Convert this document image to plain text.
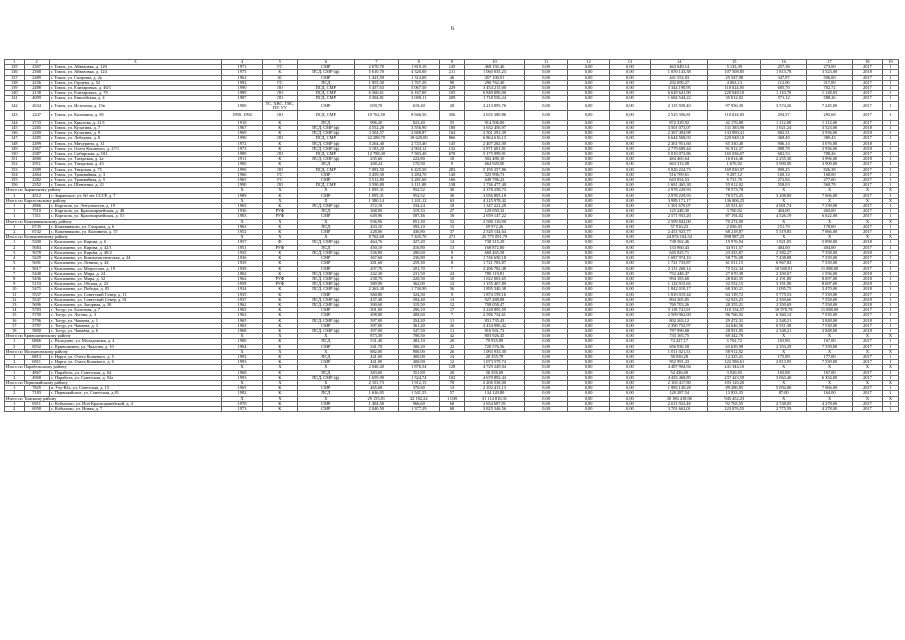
6
1	2	3	4	5	6	7	8	9	10	11	12	13	14	15	16	17	18	19
135	2367	г. Томск, ул. Айвазовка, д. 120	1971	ГС	СМР	2 670,70	1 819,10	145	468 192,46	0,00	0,00	0,00	463 049,14	5 143,39	257,38	273,00	2017	1
136	2368	г. Томск, ул. Айвазовка, д. 124	1975	К	ПСД, СМР (ф)	5 610,70	4 320,00	211	1 060 035,23	0,00	0,00	0,00	1 059 143,38	107 508,85	1 813,78	3 523,00	2018	1
137	2489	г. Томск, ул. Гагарина, д. 2а	1961	ЗС	СМР	1 423,59	1 314,00	46	457 100,01	0,00	0,00	0,00	441 552,03	25 547,98	347,87	596,00	2017	1
138	2236	г. Томск, ул. Герцена, д. 52	1992	ГС	ПСД	1 955,30	1 767,20	90	296 762,40	0,00	0,00	0,00	292 699,27	4 063,13	112,00	317,00	2017	1
139	2488	г. Томск, ул. Елизаровых, д. 46/1	1990	ЛО	ПСД, СМР	5 457,63	5 067,50	229	3 454 215,00	0,00	0,00	0,00	3 344 190,95	110 024,05	685,70	702,72	2017	1
140	2138	г. Томск, ул. Елизаровых, д. 70	1989	ЛО	ПСД, СМР	6 360,61	6 167,00	105	6 849 090,00	0,00	0,00	0,00	6 629 641,90	220 048,10	1 110,70	1 148,03	2017	1
141	4009	г. Томск, ул. Енисейская, д. 4	1987	ЛО	ПСД, СМР	3 304,81	3 009,11	209	1 718 556,24	0,00	0,00	0,00	1 684 544,22	35 012,02	571,12	588,26	2017	1
142	2634	г. Томск, ул. Источная, д. 15в	1900	ТС, ХВС, ГВС, ПУ, УУ	СМР	659,70	619,40	20	2 213 895,76	0,00	0,00	0,00	2 115 939,40	97 956,39	3 574,26	7 245,00	2017	1
143	2247	г. Томск, ул. Калинина, д. 58	1990, 1992	ЛО	ПСД, СМР	10 762,50	8 946,50	356	2 635 380,86	0,00	0,00	0,00	2 525 356,81	110 024,05	294,57	295,68	2017	1
144	2733	г. Томск, ул. Крылова, д. 21/1	1910	К	ПСД	906,20	822,40	55	914 506,80	0,00	0,00	0,00	872 329,92	42 176,88	1 112,00	1 112,00	2017	1
145	2265	г. Томск, ул. Кулагина, д. 7	1967	К	ПСД, СМР (ф)	4 552,20	3 556,90	180	3 632 456,97	0,00	0,00	0,00	3 501 073,07	131 383,90	1 021,24	3 523,00	2018	1
146	2269	г. Томск, ул. Кулагина, д. 9	1969	К	ПСД, СМР (ф)	3 504,57	2 688,87	164	2 501 291,39	0,00	0,00	0,00	2 367 494,98	133 890,41	682,31	2 936,00	2018	1
147	2285	г. Томск, ул. Лебедева, д. 8	1990	ЛО	ПСД, СМР	22 288,70	18 629,00	866	6 864 616,13	0,00	0,00	0,00	6 644 568,03	220 048,10	368,49	380,43	2017	1
148	2499	г. Томск, ул. Мичурина, д. 31	1972	К	ПСД, СМР (ф)	3 264,40	2 723,40	145	2 407 282,00	0,00	0,00	0,00	2 361 951,60	65 330,40	906,14	3 076,00	2018	1
149	2367	г. Томск, ул. Олега Кошевого, д. 27/1	1973	К	ПСД, СМР (ф)	3 183,20	2 904,12	132	2 871 601,81	0,00	0,00	0,00	2 779 689,44	91 912,37	988,78	2 936,00	2018	1
150	2387	г. Томск, ул. Сибирская, д. 102	1989	ЛО	ПСД, СМР	12 798,30	7 583,40	678	5 175 999,91	0,00	0,00	0,00	5 010 072,86	165 036,07	682,53	708,26	2017	1
151	2880	г. Томск, ул. Татарская, д. 2а	1911	К	ПСД, СМР (ф)	235,60	222,80	18	502 480,10	0,00	0,00	0,00	484 465,64	16 014,46	2 255,30	3 996,00	2018	1
152	2911	г. Томск, ул. Татарская, д. 43	1900	К	ПСД	268,24	170,50	9	664 920,00	0,00	0,00	0,00	663 313,08	1 676,92	3 900,00	3 900,00	2017	1
153	2399	г. Томск, ул. Тверская, д. 75	1990	ЛО	ПСД, СМР	7 083,50	6 425,50	283	5 195 257,86	0,00	0,00	0,00	5 026 224,73	169 030,07	809,25	826,38	2017	1
154	2464	г. Томск, ул. Трамвайная, д. 3	1966	ГС	СМР	3 459,30	3 284,70	140	525 996,73	0,00	0,00	0,00	516 709,61	9 287,12	160,14	168,00	2017	1
155	2382	г. Томск, ул. Трамвайная, д. 5	1965	ГС	СМР	3 512,80	3 281,60	166	649 786,23	0,00	0,00	0,00	643 054,53	6 731,70	272,84	277,00	2017	1
156	2352	г. Томск, ул. Шевченко, д. 21	1990	ЛО	ПСД, СМР	3 590,80	3 111,80	138	1 736 477,40	0,00	0,00	0,00	1 681 465,38	55 012,02	558,03	568,79	2017	1
Итого по Зырянскому району			Х	Х	Х	1 095,31	952,52	30	2 378 258,73	0,00	0,00	0,00	2 978 229,93	78 573,78	X	X	X	X
1	4512	с. Зырянское, ул. 60 лет СССР, д. 7	1989	К	СМР	1 095,31	952,52	30	3 056 803,18	0,00	0,00	0,00	2 978 229,93	78 573,25	3 208,80	7 066,00	2017	1
Итого по Каргасокскому району			Х	Х	Х	1 380,14	1 241,12	63	4 125 978,42	0,00	0,00	0,00	3 989 171,17	136 806,25	X	X	X	X
1	2866	с. Каргасок, ул. Энтузиастов, д. 19	1965	К	ПСД, СМР (ф)	372,18	334,24	18	1 347 221,28	0,00	0,00	0,00	1 301 670,07	45 551,61	4 001,74	7 539,00	2017	1
1	7310	с. Каргасок, ул. Красноармейская, д. 48	1936	РУФ	ПСД	368,00	319,33	27	129 050,32	0,00	0,00	0,00	125 248,30	3 760,02	404,00	404,00	2017	1
1	7311	с. Каргасок, ул. Красноармейская, д. 51	1983	РУФ	СМР	649,96	587,46	18	2 659 147,22	0,00	0,00	0,00	2 571 953,20	87 194,02	4 526,19	6 622,00	2017	1
Итого по Кожевниковскому району			Х	Х	Х	936,96	851,30	52	2 580 116,90	0,00	0,00	0,00	2 509 842,00	70 274,90	X	X	X	X
1	6735	с. Кожевниково, ул. Гагарина, д. 6	1963	К	ПСД	433,10	393,10	15	59 972,26	0,00	0,00	0,00	57 916,23	2 056,03	151,70	178,00	2017	1
2	6742	с. Кожевниково, ул. Калинина, д. 57	1952	К	СМР	228,86	436,80	37	2 520 144,64	0,00	0,00	0,00	2 451 925,77	68 218,87	5 519,85	7 066,00	2017	1
Итого по Колпашевскому району			Х	Х	Х	8 762,60	7 445,70	271	25 775 091,79	0,00	0,00	0,00	24 876 104,54	898 987,25	X	X	X	X
1	5300	г. Колпашево, ул. Кирова, д. 6	1957	Ф	ПСД, СМР (ф)	464,76	427,20	14	738 315,29	0,00	0,00	0,00	738 362,46	19 976,94	1 821,05	5 898,00	2018	1
2	5684	г. Колпашево, ул. Кирова, д. 42/1	1951	РУФ	ПСД	450,10	416,80	13	168 872,00	0,00	0,00	0,00	133 960,43	34 911,57	404,00	404,00	2017	1
3	5678	г. Колпашево, ул. Кирова, д. 46/2	1935	К	ПСД, СМР (ф)	336,80	280,60	9	668 465,58	0,00	0,00	0,00	645 025,71	23 433,87	2 382,27	7 558,00	2018	1
4	5429	г. Колпашево, ул. Коммунистическая, д. 24	1936	К	СМР	367,60	236,80	6	1 746 650,18	0,00	0,00	0,00	1 687 974,10	58 776,08	7 438,88	7 539,00	2017	1
5	5691	г. Колпашево, ул. Ленина, д. 44	1935	К	СМР	281,60	259,30	8	1 721 783,87	0,00	0,00	0,00	1 721 733,87	61 011,15	6 967,82	7 539,00	2017	1
6	5617	г. Колпашево, ул. Матросова, д. 19	1939	К	СМР	207,70	201,70	7	2 206 782,48	0,00	0,00	0,00	2 131 260,14	75 522,34	10 940,91	11 088,00	2017	1
7	5440	г. Колпашево, ул. Мира, д. 24	1962	К	ПСД, СМР (ф)	242,30	231,50	24	780 119,81	0,00	0,00	0,00	752 448,47	27 670,38	2 350,67	1 556,00	2018	1
8	5436	г. Колпашево, ул. Мира, д. 32	1962	РУФ	ПСД, СМР (ф)	238,70	220,50	10	1 022 003,65	0,00	0,00	0,00	994 183,60	28 820,35	2 191,80	8 697,00	2018	1
9	5153	г. Колпашево, ул. Обская, д. 23	1958	РУФ	ПСД, СМР (ф)	380,90	362,00	12	1 155 467,80	0,00	0,00	0,00	1 122 915,65	32 552,15	3 191,90	8 697,00	2018	1
10	5475	г. Колпашево, ул. Победы, д. 83	1934	К	ПСД, СМР (ф)	2 363,30	1 730,90	56	1 895 340,38	0,00	0,00	0,00	1 842 010,17	68 330,21	1 095,75	3 470,00	2018	1
11	5537	г. Колпашево, ул. Советский Север, д. 11	1935	К	СМР	360,80	324,50	9	1 874 159,16	0,00	0,00	0,00	1 810 019,44	64 139,72	5 775,53	7 539,00	2017	1
12	5547	г. Колпашево, ул. Советский Север, д. 61	1937	К	ПСД, СМР (ф)	437,40	394,40	13	927 288,88	0,00	0,00	0,00	894 365,85	32 923,23	2 350,66	7 558,00	2018	1
13	5696	г. Колпашево, ул. Загорная, д. 30	1962	К	ПСД, СМР (ф)	390,60	319,50	12	798 058,47	0,00	0,00	0,00	769 703,26	28 355,21	2 350,69	7 558,00	2018	1
14	5783	с. Тогур, ул. Болотная, д. 7	1965	К	СМР	301,00	296,10	17	3 228 895,59	0,00	0,00	0,00	3 118 741,01	110 154,57	10 978,78	11 088,00	2017	1
15	5750	с. Тогур, ул. Лугова, д. 3	1963	К	СМР	498,80	408,60	7	2 596 734,61	0,00	0,00	0,00	2 509 962,69	86 766,92	6 360,14	7 539,00	2017	1
16	5796	с. Тогур, ул. Чапаева, д. 1	1965	К	ПСД, СМР (ф)	397,00	354,20	11	831 735,43	0,00	0,00	0,00	802 263,12	29 472,31	2 348,21	3 848,00	2018	1
17	5797	с. Тогур, ул. Чапаева, д. 3	1965	К	СМР	397,00	361,20	26	2 434 996,42	0,00	0,00	0,00	2 390 752,97	44 646,56	6 551,58	7 539,00	2017	1
18	5800	с. Тогур, ул. Чапаева, д. 6	1968	К	ПСД, СМР (ф)	397,00	347,50	11	816 941,73	0,00	0,00	0,00	787 990,68	28 951,05	2 348,21	3 848,00	2018	1
Итого по Кривошеинскому району			Х	Х	Х	873,30	786,50	42	803 926,45	0,00	0,00	0,00	733 165,75	69 342,70	X	X	X	X
1	6866	с. Володино, ул. Молодежная, д. 4	1980	К	ПСД	531,40	482,10	20	79 925,89	0,00	0,00	0,00	74 227,17	5 702,72	165,80	167,00	2017	1
2	6932	с. Кривошеино, ул. Чкалова, д. 10	1964	К	СМР	341,70	306,20	22	720 576,56	0,00	0,00	0,00	656 936,58	63 639,98	2 353,29	7 539,00	2017	1
Итого по Молчановскому району			Х	Х	Х	882,00	800,00	26	1 093 933,30	0,00	0,00	0,00	1 011 021,51	58 912,02	X	X	X	X
1	6813	с. Нарга, ул. Олега Кошевого, д. 5	1993	К	ПСД	441,00	400,00	14	20 355,79	0,00	0,00	0,00	58 030,28	12 325,41	175,89	177,00	2017	1
2	6811	с. Нарга, ул. Олега Кошевого, д. 6	1993	К	СМР	441,00	400,00	12	1 073 579,74	0,00	0,00	0,00	952 991,23	122 586,61	2 813,95	7 539,00	2017	1
Итого по Парабельскому району			Х	Х	Х	2 040,20	1 876,54	128	4 729 249,04	0,00	0,00	0,00	4 487 904,94	241 344,10	X	X	X	X
1	4867	с. Парабель, ул. Советская, д. 64	1968	К	ПСД	383,60	351,80	26	56 356,69	0,00	0,00	0,00	54 436,69	3 920,03	165,88	167,00	2017	1
2	4968	с. Парабель, ул. Советская, д. 92а	1993	К	ПСД, СМР (ф)	1 659,90	1 524,74	102	4 670 892,44	0,00	0,00	0,00	4 433 468,85	237 423,59	3 063,40	6 354,00	2017	1
Итого по Первомайскому району			Х	Х	Х	2 101,73	1 912,15	70	2 206 538,00	0,00	0,00	0,00	2 103 417,80	103 120,20	X	X	X	X
1	7825	п. Улу-Юл, ул. Советская, д. 15	1965	К	СМР	465,68	370,60	13	2 102 413,13	0,00	0,00	0,00	1 983 130,28	89 286,85	5 092,86	7 066,00	2017	1
2	7183	с. Первомайское, ул. Советская, д.81	1982	К	ПСД	1 636,05	1 541,55	57	134 120,80	0,00	0,00	0,00	120 287,54	13 833,35	87,00	164,00	2017	1
Итого по Томскому району			Х	Х	Х	29 155,81	22 182,24	1 049	31 114 816,31	0,00	0,00	0,00	30 186 418,06	945 452,23	X	X	X	X
1	6911	с. Кобылово, ул. Ион Красноармейской, д. 4	1970	К	СМР	1 404,50	966,60	60	2 654 687,91	0,00	0,00	0,00	2 611 922,46	92 765,55	2 748,05	4 278,00	2017	1
2	6958	с. Кобылово, ул. Новая, д. 7	1973	К	СМР	2 040,50	1 377,29	68	3 825 346,56	0,00	0,00	0,00	3 701 662,01	123 876,55	2 775,59	4 278,00	2017	1
